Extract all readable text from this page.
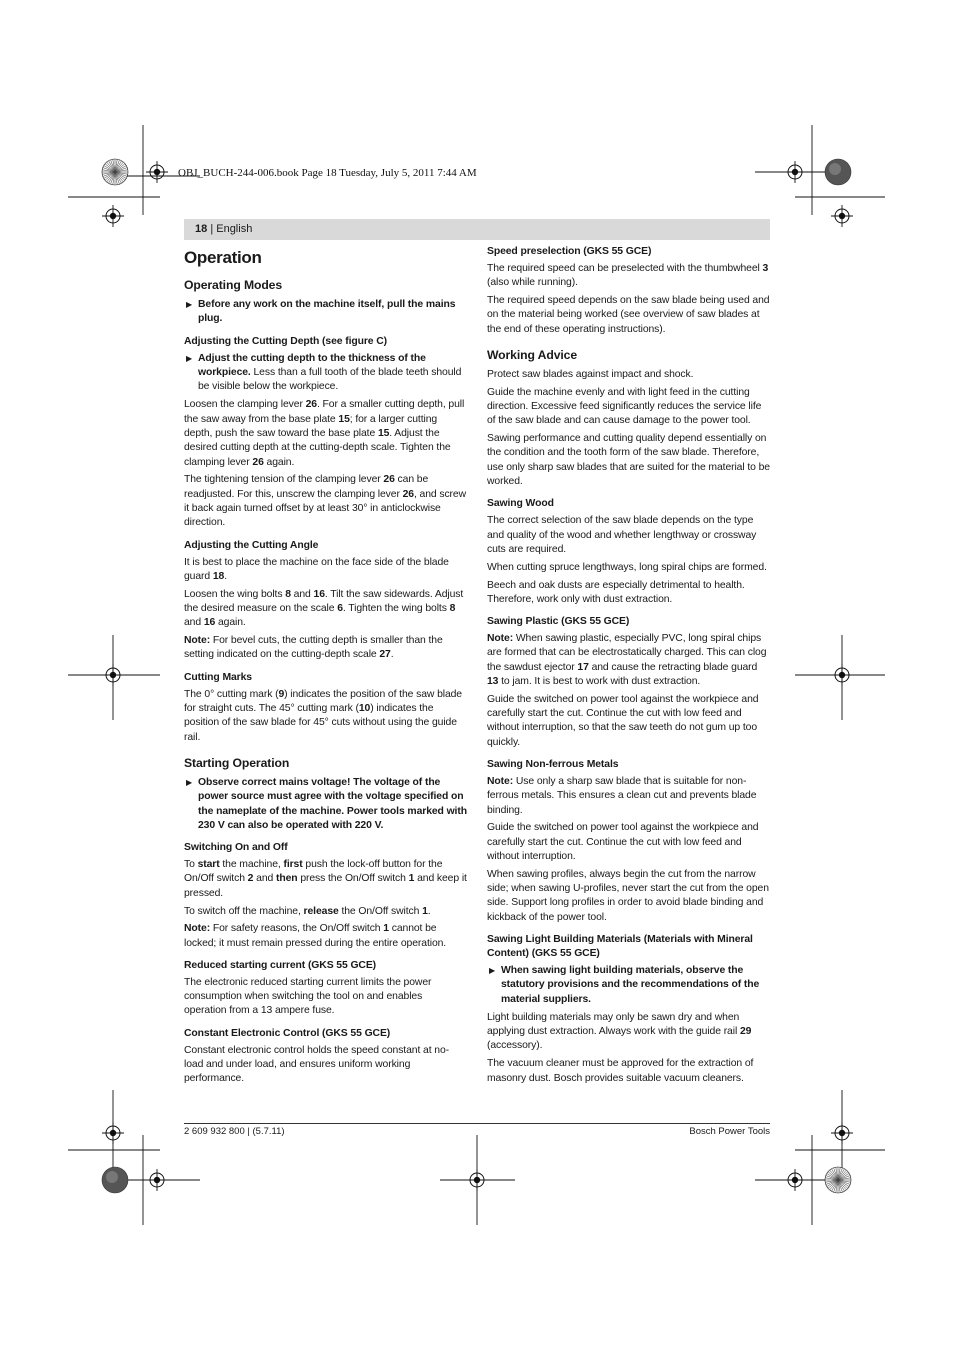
OBJ_BUCH-244-006.book Page 18 Tuesday, July 5, 2011 7:44 AM
18 | English
Operation
Operating Modes
▶ Before any work on the machine itself, pull the mains plug.
Adjusting the Cutting Depth (see figure C)
▶ Adjust the cutting depth to the thickness of the workpiece. Less than a full tooth of the blade teeth should be visible below the workpiece.

Loosen the clamping lever 26. For a smaller cutting depth, pull the saw away from the base plate 15; for a larger cutting depth, push the saw toward the base plate 15. Adjust the desired cutting depth at the cutting-depth scale. Tighten the clamping lever 26 again.

The tightening tension of the clamping lever 26 can be readjusted. For this, unscrew the clamping lever 26, and screw it back again turned offset by at least 30° in anticlockwise direction.

Adjusting the Cutting Angle

It is best to place the machine on the face side of the blade guard 18.

Loosen the wing bolts 8 and 16. Tilt the saw sidewards. Adjust the desired measure on the scale 6. Tighten the wing bolts 8 and 16 again.

Note: For bevel cuts, the cutting depth is smaller than the setting indicated on the cutting-depth scale 27.

Cutting Marks

The 0° cutting mark (9) indicates the position of the saw blade for straight cuts. The 45° cutting mark (10) indicates the position of the saw blade for 45° cuts without using the guide rail.

Starting Operation
▶ Observe correct mains voltage! The voltage of the power source must agree with the voltage specified on the nameplate of the machine. Power tools marked with 230 V can also be operated with 220 V.
Switching On and Off

To start the machine, first push the lock-off button for the On/Off switch 2 and then press the On/Off switch 1 and keep it pressed.

To switch off the machine, release the On/Off switch 1.

Note: For safety reasons, the On/Off switch 1 cannot be locked; it must remain pressed during the entire operation.

Reduced starting current (GKS 55 GCE)

The electronic reduced starting current limits the power consumption when switching the tool on and enables operation from a 13 ampere fuse.

Constant Electronic Control (GKS 55 GCE)

Constant electronic control holds the speed constant at no-load and under load, and ensures uniform working performance.

Speed preselection (GKS 55 GCE)

The required speed can be preselected with the thumbwheel 3 (also while running).

The required speed depends on the saw blade being used and on the material being worked (see overview of saw blades at the end of these operating instructions).

Working Advice

Protect saw blades against impact and shock.

Guide the machine evenly and with light feed in the cutting direction. Excessive feed significantly reduces the service life of the saw blade and can cause damage to the power tool.

Sawing performance and cutting quality depend essentially on the condition and the tooth form of the saw blade. Therefore, use only sharp saw blades that are suited for the material to be worked.

Sawing Wood

The correct selection of the saw blade depends on the type and quality of the wood and whether lengthway or crossway cuts are required.

When cutting spruce lengthways, long spiral chips are formed.

Beech and oak dusts are especially detrimental to health. Therefore, work only with dust extraction.

Sawing Plastic (GKS 55 GCE)

Note: When sawing plastic, especially PVC, long spiral chips are formed that can be electrostatically charged. This can clog the sawdust ejector 17 and cause the retracting blade guard 13 to jam. It is best to work with dust extraction.

Guide the switched on power tool against the workpiece and carefully start the cut. Continue the cut with low feed and without interruption, so that the saw teeth do not gum up too quickly.

Sawing Non-ferrous Metals

Note: Use only a sharp saw blade that is suitable for non-ferrous metals. This ensures a clean cut and prevents blade binding.

Guide the switched on power tool against the workpiece and carefully start the cut. Continue the cut with low feed and without interruption.

When sawing profiles, always begin the cut from the narrow side; when sawing U-profiles, never start the cut from the open side. Support long profiles in order to avoid blade binding and kickback of the power tool.

Sawing Light Building Materials (Materials with Mineral Content) (GKS 55 GCE)
▶ When sawing light building materials, observe the statutory provisions and the recommendations of the material suppliers.

Light building materials may only be sawn dry and when applying dust extraction. Always work with the guide rail 29 (accessory).

The vacuum cleaner must be approved for the extraction of masonry dust. Bosch provides suitable vacuum cleaners.

2 609 932 800 | (5.7.11)	Bosch Power Tools
